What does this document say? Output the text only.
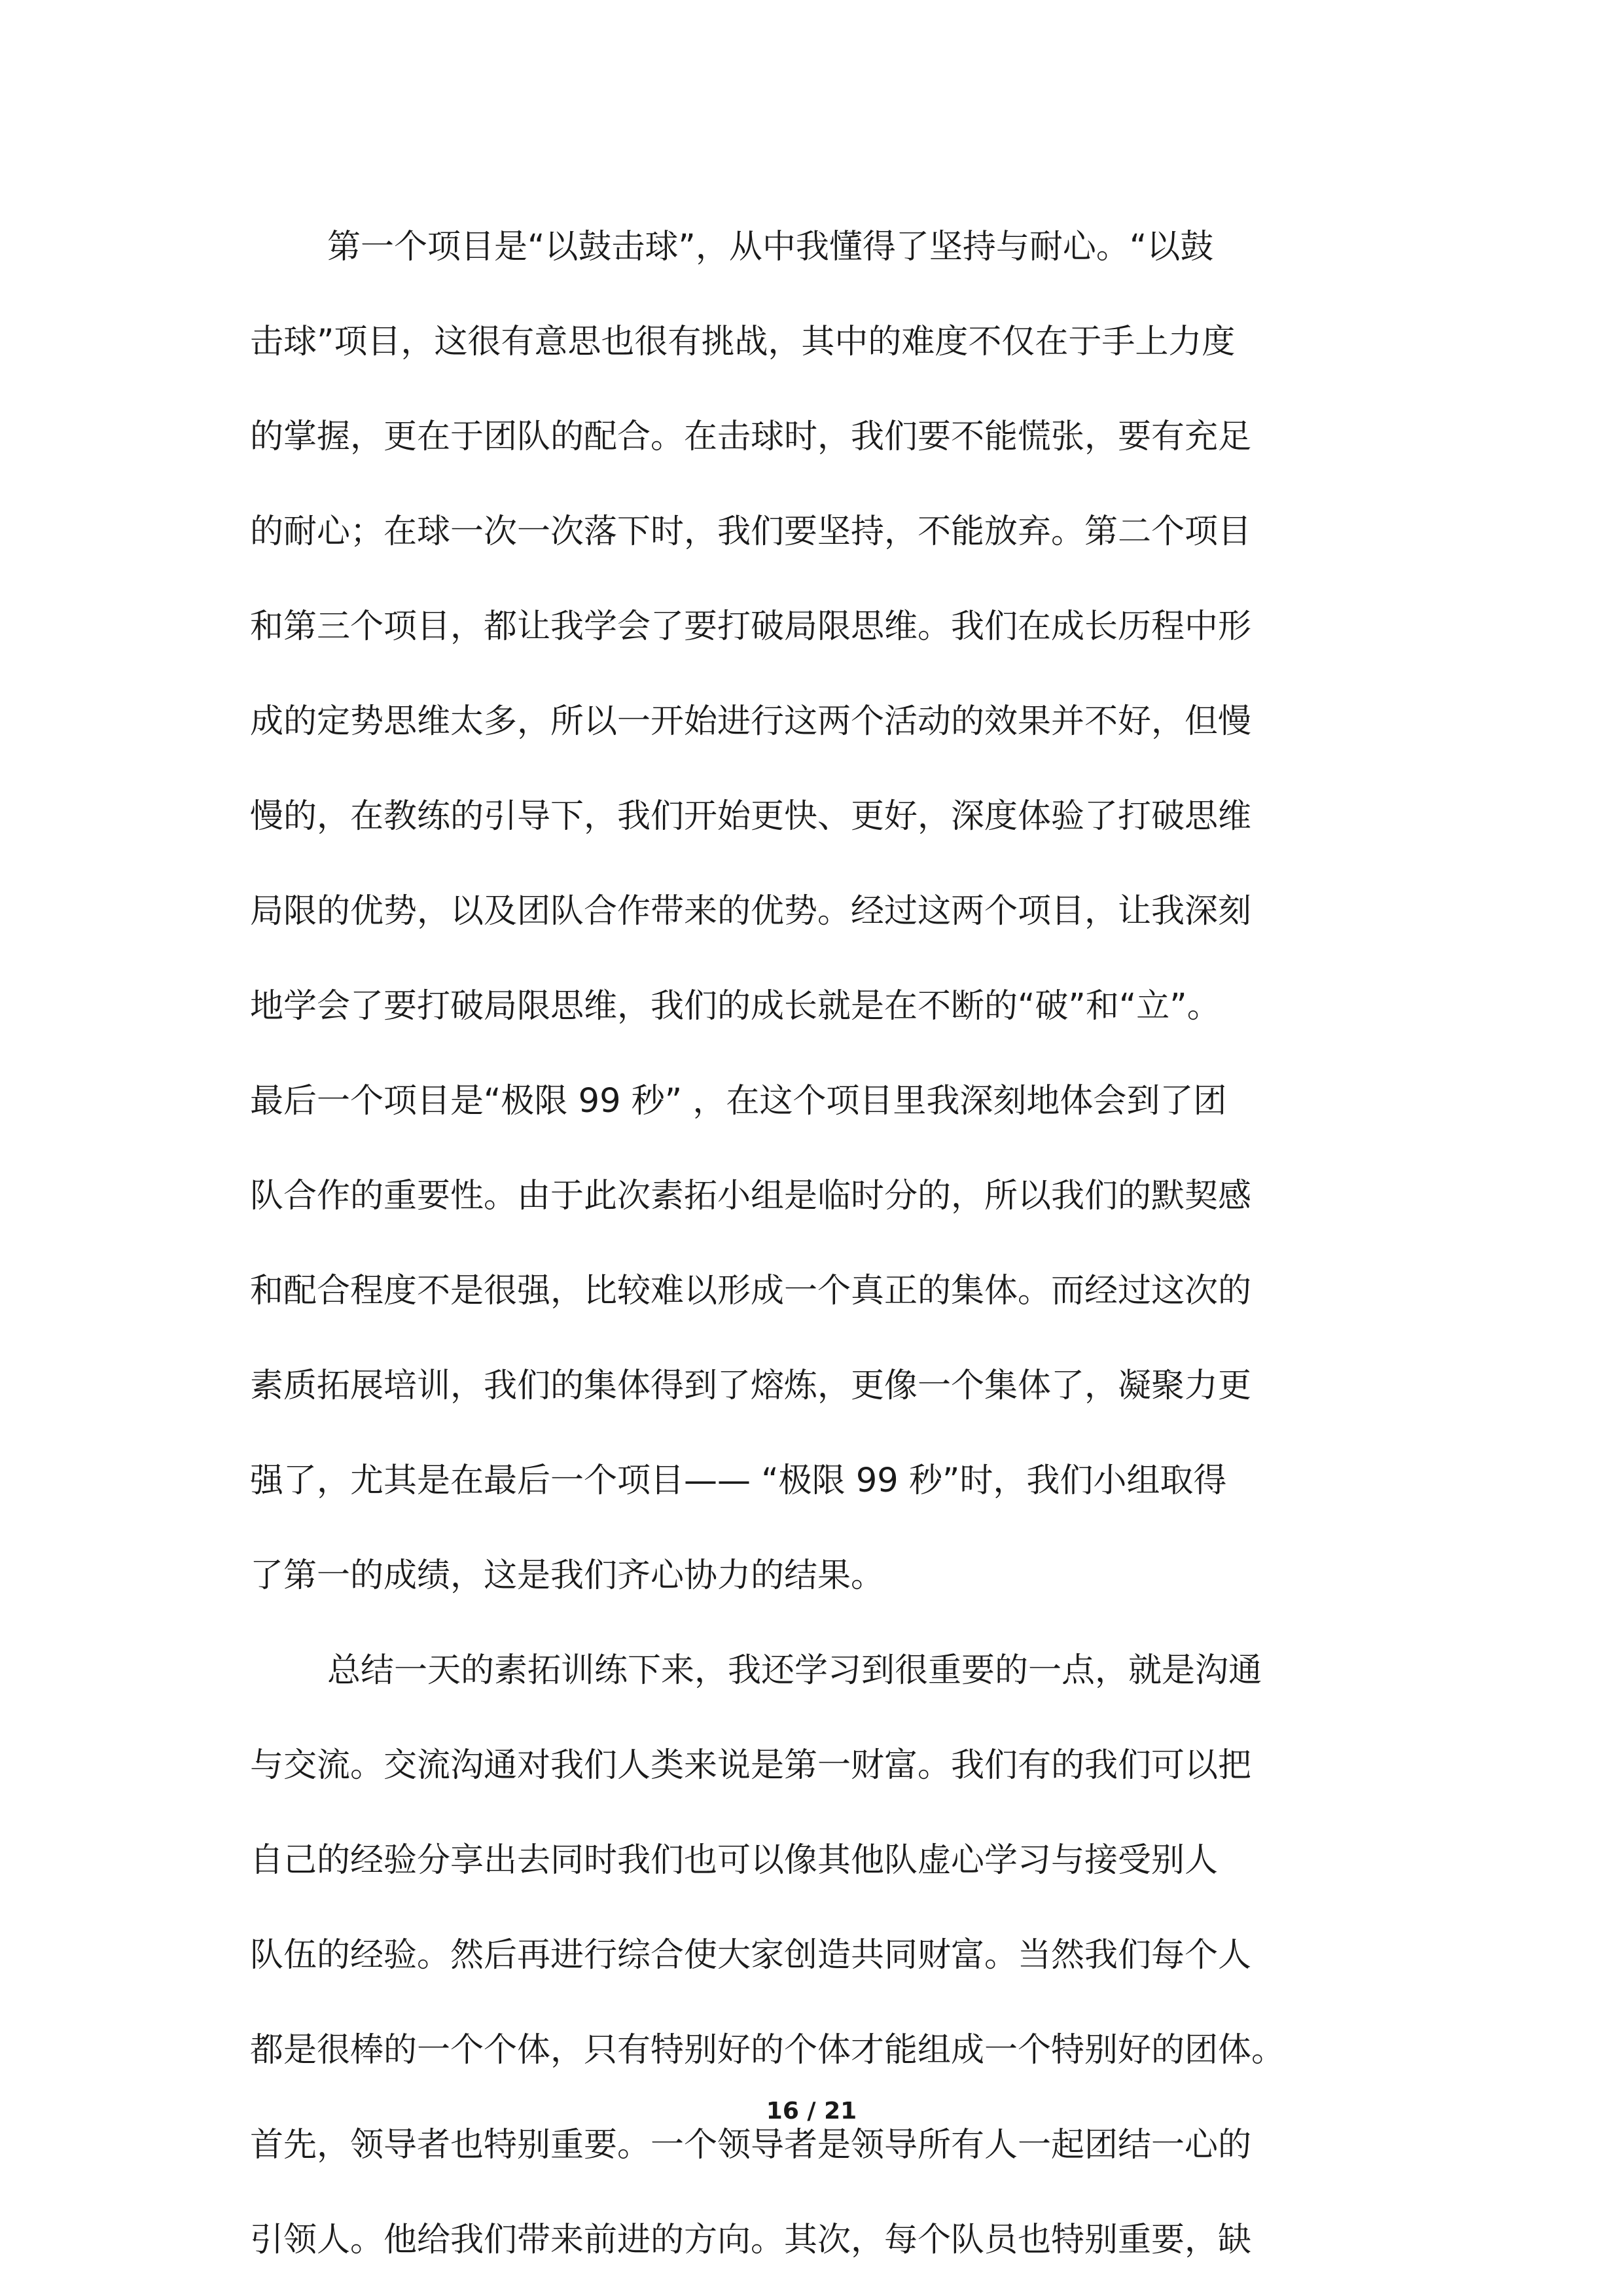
第一个项目是“以鼓击球”，从中我懂得了坚持与耐心。“以鼓
击球”项目，这很有意思也很有挑战，其中的难度不仅在于手上力度
的掌握，更在于团队的配合。在击球时，我们要不能慌张，要有充足
的耐心；在球一次一次落下时，我们要坚持，不能放弃。第二个项目
和第三个项目，都让我学会了要打破局限思维。我们在成长历程中形
成的定势思维太多，所以一开始进行这两个活动的效果并不好，但慢
慢的，在教练的引导下，我们开始更快、更好，深度体验了打破思维
局限的优势，以及团队合作带来的优势。经过这两个项目，让我深刻
地学会了要打破局限思维，我们的成长就是在不断的“破”和“立”。
最后一个项目是“极限 99 秒” ，在这个项目里我深刻地体会到了团
队合作的重要性。由于此次素拓小组是临时分的，所以我们的默契感
和配合程度不是很强，比较难以形成一个真正的集体。而经过这次的
素质拓展培训，我们的集体得到了熔炼，更像一个集体了，凝聚力更
强了，尤其是在最后一个项目—— “极限 99 秒”时，我们小组取得
了第一的成绩，这是我们齐心协力的结果。
总结一天的素拓训练下来，我还学习到很重要的一点，就是沟通
与交流。交流沟通对我们人类来说是第一财富。我们有的我们可以把
自己的经验分享出去同时我们也可以像其他队虚心学习与接受别人
队伍的经验。然后再进行综合使大家创造共同财富。当然我们每个人
都是很棒的一个个体，只有特别好的个体才能组成一个特别好的团体。
首先，领导者也特别重要。一个领导者是领导所有人一起团结一心的
引领人。他给我们带来前进的方向。其次，每个队员也特别重要，缺
16 / 21
